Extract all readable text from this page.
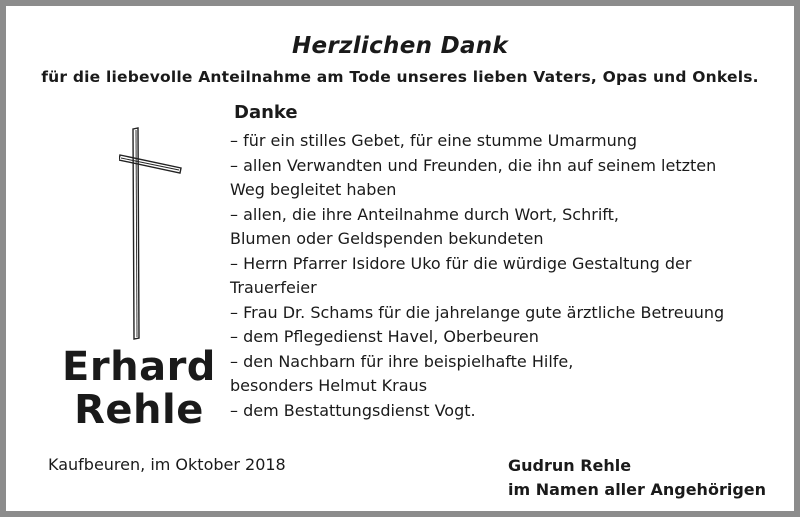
Herzlichen Dank
für die liebevolle Anteilnahme am Tode unseres lieben Vaters, Opas und Onkels.
Erhard
Rehle
Danke
– für ein stilles Gebet, für eine stumme Umarmung
– allen Verwandten und Freunden, die ihn auf seinem letzten
Weg begleitet haben
– allen, die ihre Anteilnahme durch Wort, Schrift,
Blumen oder Geldspenden bekundeten
– Herrn Pfarrer Isidore Uko für die würdige Gestaltung der
Trauerfeier
– Frau Dr. Schams für die jahrelange gute ärztliche Betreuung
– dem Pflegedienst Havel, Oberbeuren
– den Nachbarn für ihre beispielhafte Hilfe,
besonders Helmut Kraus
– dem Bestattungsdienst Vogt.
Kaufbeuren, im Oktober 2018	Gudrun Rehle
im Namen aller Angehörigen
